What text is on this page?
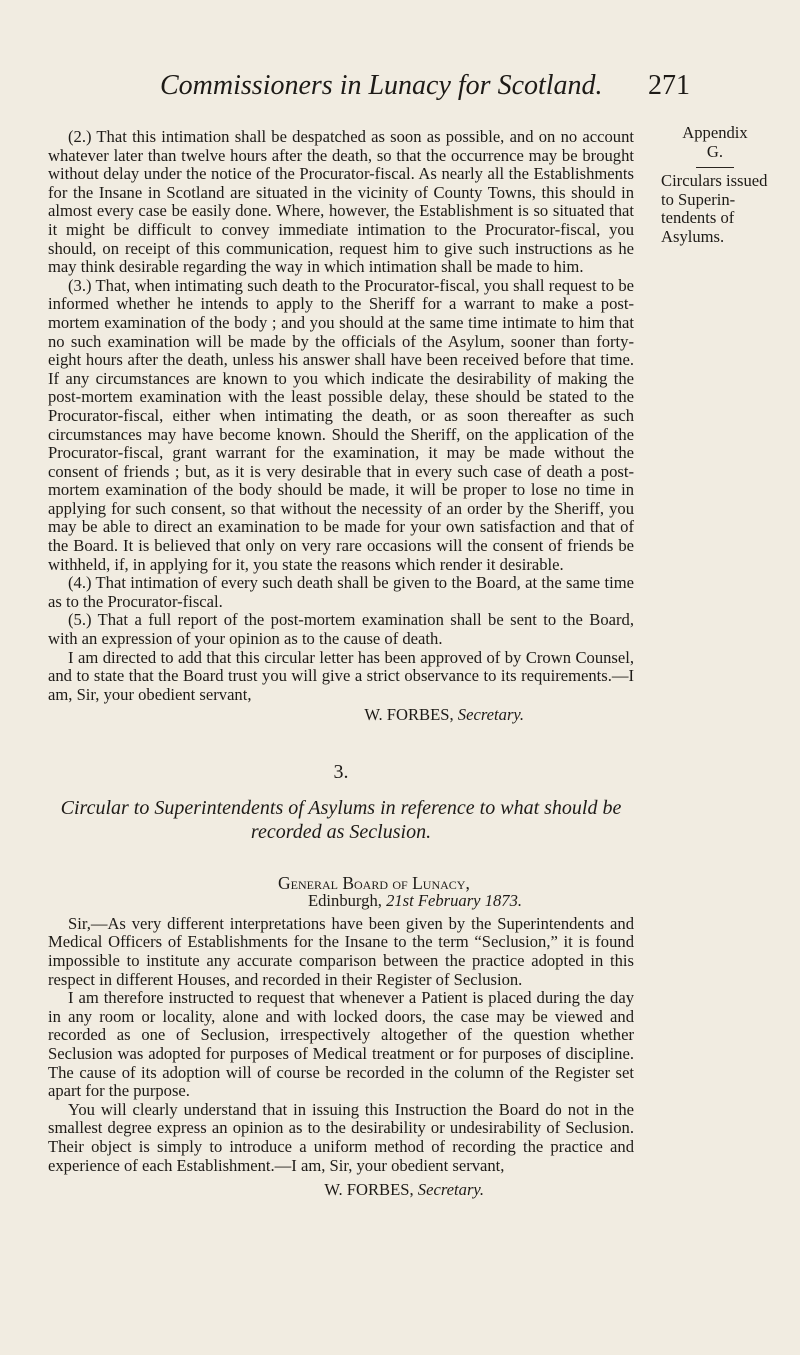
Commissioners in Lunacy for Scotland. 271
Appendix
G.
Circulars issued to Superin-tendents of Asylums.

(2.) That this intimation shall be despatched as soon as possible, and on no account whatever later than twelve hours after the death, so that the occurrence may be brought without delay under the notice of the Procurator-fiscal. As nearly all the Establishments for the Insane in Scotland are situated in the vicinity of County Towns, this should in almost every case be easily done. Where, however, the Establishment is so situated that it might be difficult to convey immediate intimation to the Procurator-fiscal, you should, on receipt of this communication, request him to give such instructions as he may think desirable regarding the way in which intimation shall be made to him.

(3.) That, when intimating such death to the Procurator-fiscal, you shall request to be informed whether he intends to apply to the Sheriff for a warrant to make a post-mortem examination of the body ; and you should at the same time intimate to him that no such examination will be made by the officials of the Asylum, sooner than forty-eight hours after the death, unless his answer shall have been received before that time. If any circumstances are known to you which indicate the desirability of making the post-mortem examination with the least possible delay, these should be stated to the Procurator-fiscal, either when intimating the death, or as soon thereafter as such circumstances may have become known. Should the Sheriff, on the application of the Procurator-fiscal, grant warrant for the examination, it may be made without the consent of friends ; but, as it is very desirable that in every such case of death a post-mortem examination of the body should be made, it will be proper to lose no time in applying for such consent, so that without the necessity of an order by the Sheriff, you may be able to direct an examination to be made for your own satisfaction and that of the Board. It is believed that only on very rare occasions will the consent of friends be withheld, if, in applying for it, you state the reasons which render it desirable.

(4.) That intimation of every such death shall be given to the Board, at the same time as to the Procurator-fiscal.

(5.) That a full report of the post-mortem examination shall be sent to the Board, with an expression of your opinion as to the cause of death.

I am directed to add that this circular letter has been approved of by Crown Counsel, and to state that the Board trust you will give a strict observance to its requirements.—I am, Sir, your obedient servant,

W. FORBES, Secretary.
3.
Circular to Superintendents of Asylums in reference to what should be recorded as Seclusion.
General Board of Lunacy,
Edinburgh, 21st February 1873.

Sir,—As very different interpretations have been given by the Superintendents and Medical Officers of Establishments for the Insane to the term “Seclusion,” it is found impossible to institute any accurate comparison between the practice adopted in this respect in different Houses, and recorded in their Register of Seclusion.

I am therefore instructed to request that whenever a Patient is placed during the day in any room or locality, alone and with locked doors, the case may be viewed and recorded as one of Seclusion, irrespectively altogether of the question whether Seclusion was adopted for purposes of Medical treatment or for purposes of discipline. The cause of its adoption will of course be recorded in the column of the Register set apart for the purpose.

You will clearly understand that in issuing this Instruction the Board do not in the smallest degree express an opinion as to the desirability or undesirability of Seclusion. Their object is simply to introduce a uniform method of recording the practice and experience of each Establishment.—I am, Sir, your obedient servant,

W. FORBES, Secretary.
